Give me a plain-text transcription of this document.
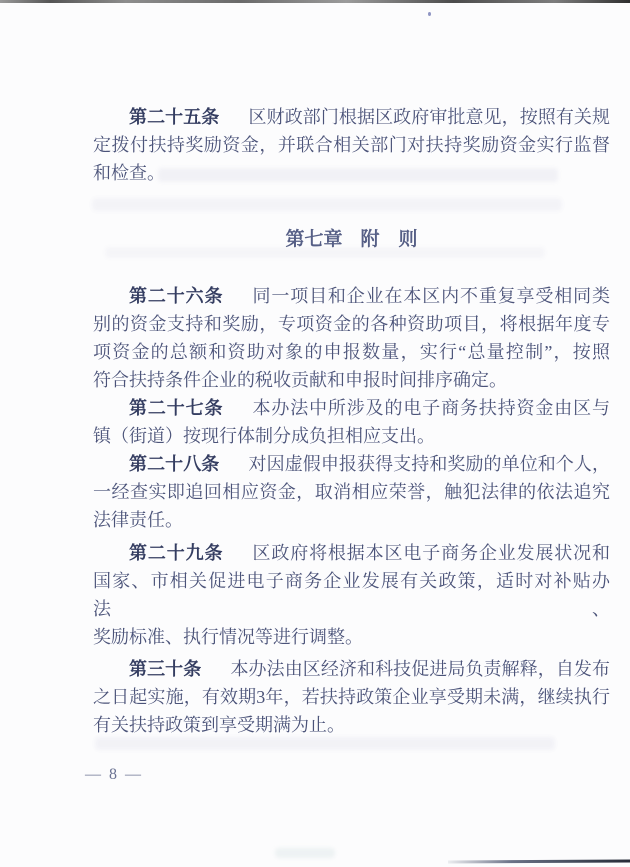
第二十五条 区财政部门根据区政府审批意见，按照有关规
定拨付扶持奖励资金，并联合相关部门对扶持奖励资金实行监督
和检查。
第七章 附　则
第二十六条 同一项目和企业在本区内不重复享受相同类
别的资金支持和奖励，专项资金的各种资助项目，将根据年度专
项资金的总额和资助对象的申报数量，实行“总量控制”，按照
符合扶持条件企业的税收贡献和申报时间排序确定。
第二十七条 本办法中所涉及的电子商务扶持资金由区与
镇（街道）按现行体制分成负担相应支出。
第二十八条 对因虚假申报获得支持和奖励的单位和个人，
一经查实即追回相应资金，取消相应荣誉，触犯法律的依法追究
法律责任。
第二十九条 区政府将根据本区电子商务企业发展状况和
国家、市相关促进电子商务企业发展有关政策，适时对补贴办法、
奖励标准、执行情况等进行调整。
第三十条 本办法由区经济和科技促进局负责解释，自发布
之日起实施，有效期3年，若扶持政策企业享受期未满，继续执行
有关扶持政策到享受期满为止。
— 8 —
